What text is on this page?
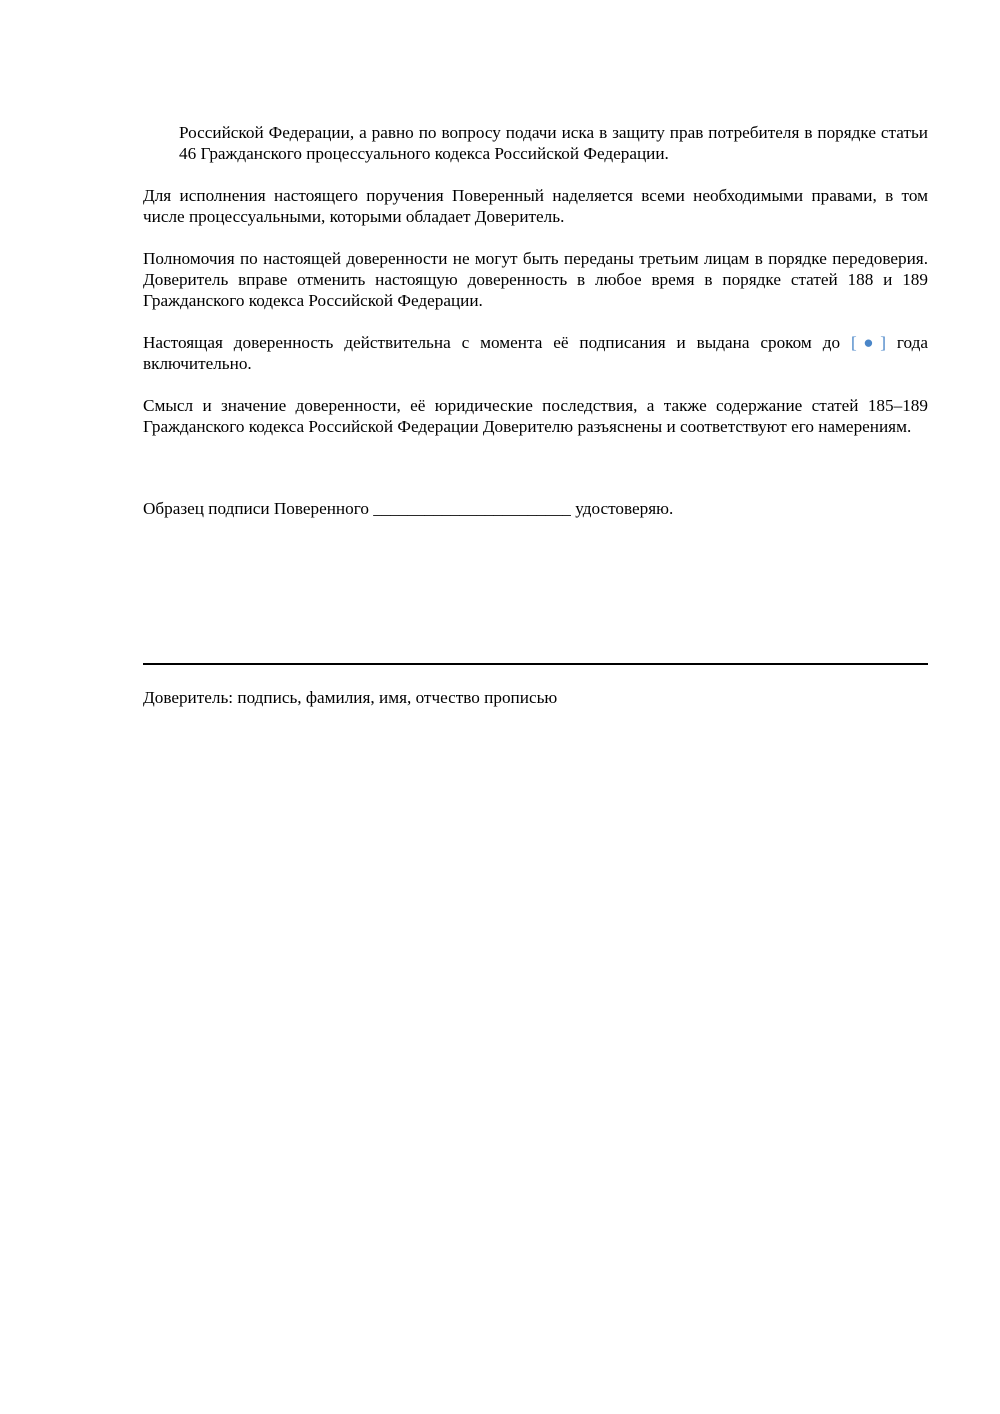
Российской Федерации, а равно по вопросу подачи иска в защиту прав потребителя в порядке статьи 46 Гражданского процессуального кодекса Российской Федерации.

Для исполнения настоящего поручения Поверенный наделяется всеми необходимыми правами, в том числе процессуальными, которыми обладает Доверитель.

Полномочия по настоящей доверенности не могут быть переданы третьим лицам в порядке передоверия. Доверитель вправе отменить настоящую доверенность в любое время в порядке статей 188 и 189 Гражданского кодекса Российской Федерации.

Настоящая доверенность действительна с момента её подписания и выдана сроком до [●] года включительно.

Смысл и значение доверенности, её юридические последствия, а также содержание статей 185–189 Гражданского кодекса Российской Федерации Доверителю разъяснены и соответствуют его намерениям.

Образец подписи Поверенного _______________________ удостоверяю.

Доверитель: подпись, фамилия, имя, отчество прописью
